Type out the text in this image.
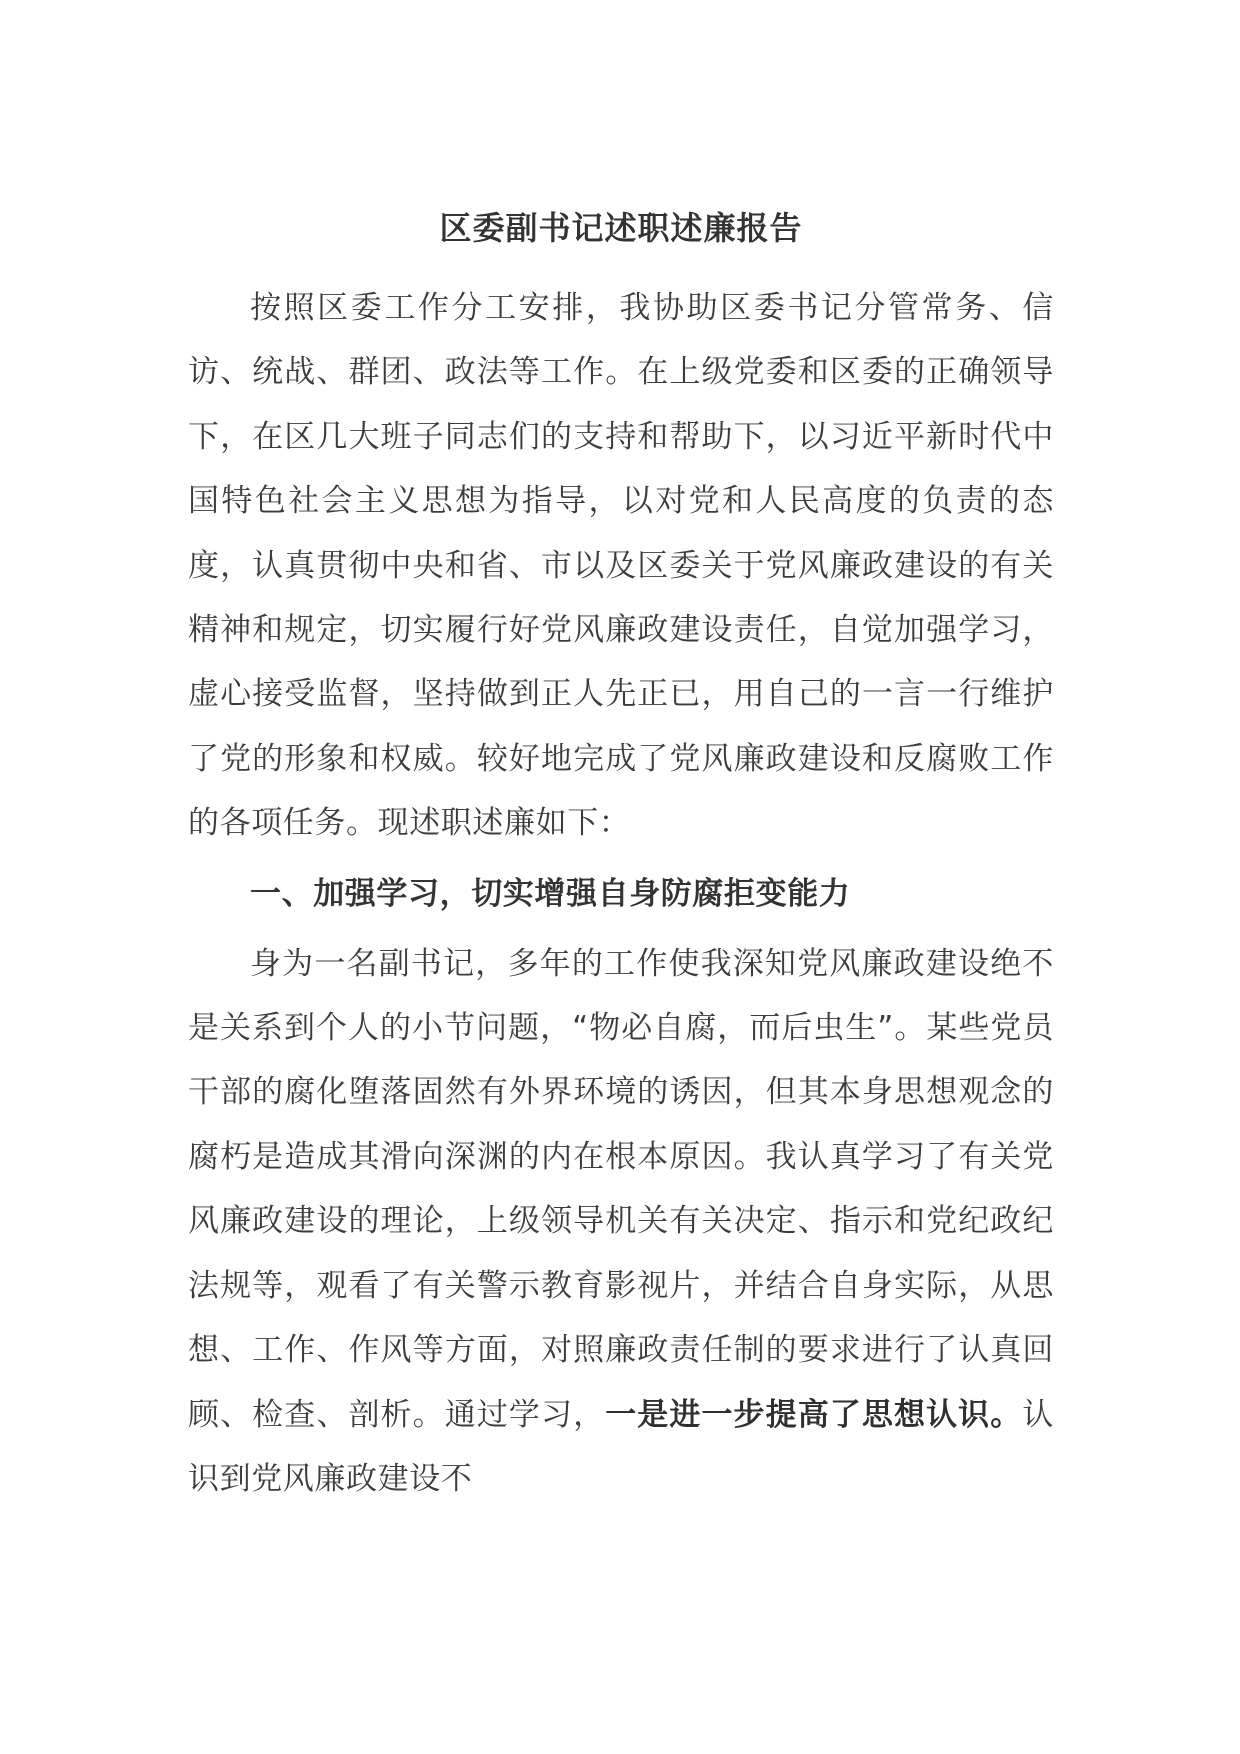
区委副书记述职述廉报告

按照区委工作分工安排，我协助区委书记分管常务、信访、统战、群团、政法等工作。在上级党委和区委的正确领导下，在区几大班子同志们的支持和帮助下，以习近平新时代中国特色社会主义思想为指导，以对党和人民高度的负责的态度，认真贯彻中央和省、市以及区委关于党风廉政建设的有关精神和规定，切实履行好党风廉政建设责任，自觉加强学习，虚心接受监督，坚持做到正人先正已，用自己的一言一行维护了党的形象和权威。较好地完成了党风廉政建设和反腐败工作的各项任务。现述职述廉如下：

一、加强学习，切实增强自身防腐拒变能力

身为一名副书记，多年的工作使我深知党风廉政建设绝不是关系到个人的小节问题，“物必自腐，而后虫生”。某些党员干部的腐化堕落固然有外界环境的诱因，但其本身思想观念的腐朽是造成其滑向深渊的内在根本原因。我认真学习了有关党风廉政建设的理论，上级领导机关有关决定、指示和党纪政纪法规等，观看了有关警示教育影视片，并结合自身实际，从思想、工作、作风等方面，对照廉政责任制的要求进行了认真回顾、检查、剖析。通过学习，一是进一步提高了思想认识。认识到党风廉政建设不
